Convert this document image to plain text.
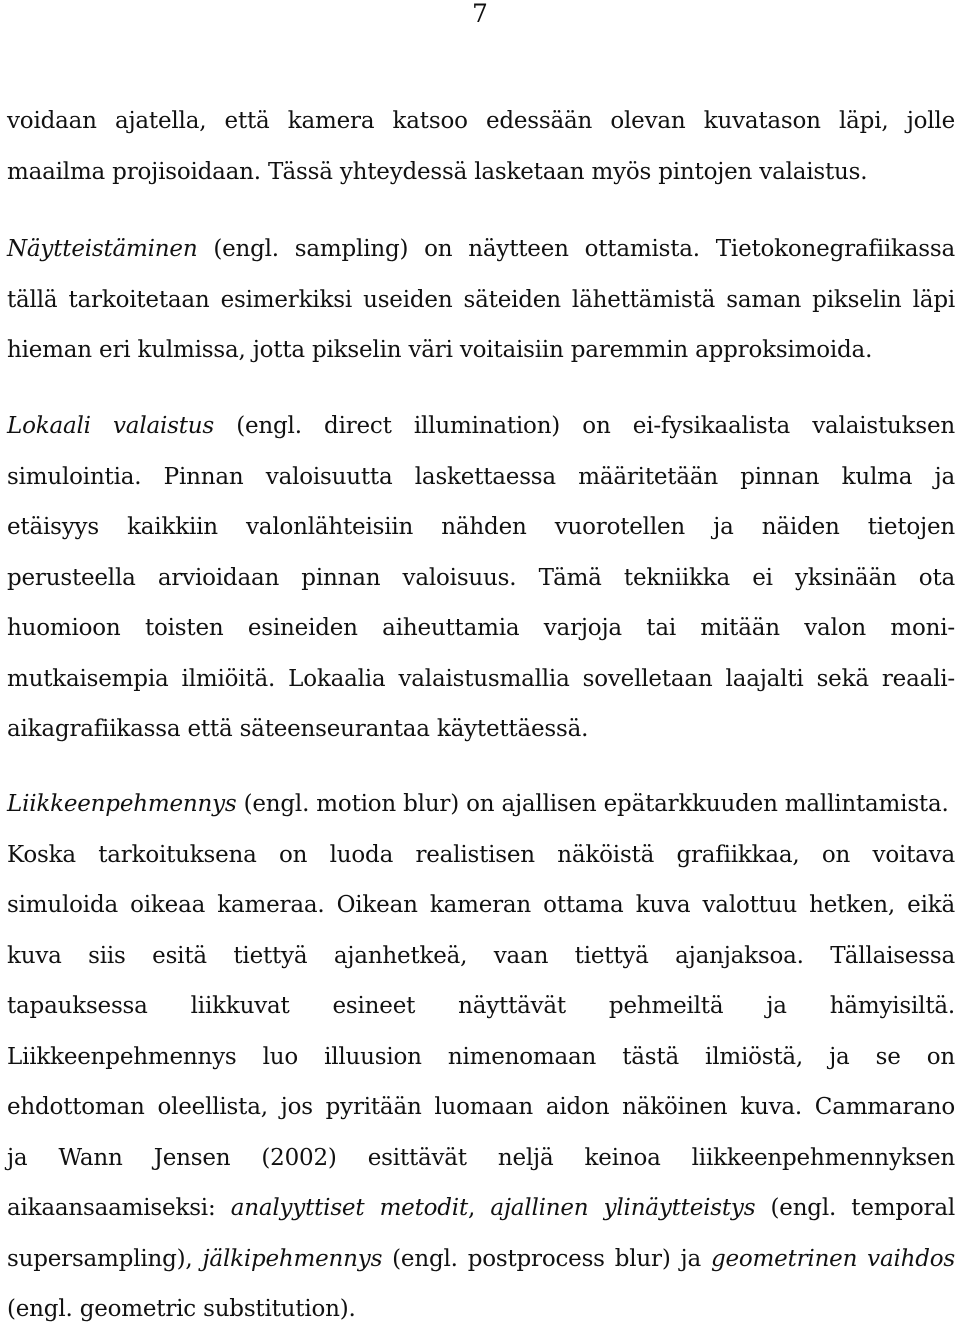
7
voidaan ajatella, että kamera katsoo edessään olevan kuvatason läpi, jolle
maailma projisoidaan. Tässä yhteydessä lasketaan myös pintojen valaistus.
Näytteistäminen (engl. sampling) on näytteen ottamista. Tietokonegrafiikassa
tällä tarkoitetaan esimerkiksi useiden säteiden lähettämistä saman pikselin läpi
hieman eri kulmissa, jotta pikselin väri voitaisiin paremmin approksimoida.
Lokaali valaistus (engl. direct illumination) on ei-fysikaalista valaistuksen
simulointia. Pinnan valoisuutta laskettaessa määritetään pinnan kulma ja
etäisyys kaikkiin valonlähteisiin nähden vuorotellen ja näiden tietojen
perusteella arvioidaan pinnan valoisuus. Tämä tekniikka ei yksinään ota
huomioon toisten esineiden aiheuttamia varjoja tai mitään valon moni-
mutkaisempia ilmiöitä. Lokaalia valaistusmallia sovelletaan laajalti sekä reaali-
aikagrafiikassa että säteenseurantaa käytettäessä.
Liikkeenpehmennys (engl. motion blur) on ajallisen epätarkkuuden mallintamista.
Koska tarkoituksena on luoda realistisen näköistä grafiikkaa, on voitava
simuloida oikeaa kameraa. Oikean kameran ottama kuva valottuu hetken, eikä
kuva siis esitä tiettyä ajanhetkeä, vaan tiettyä ajanjaksoa. Tällaisessa
tapauksessa liikkuvat esineet näyttävät pehmeiltä ja hämyisiltä.
Liikkeenpehmennys luo illuusion nimenomaan tästä ilmiöstä, ja se on
ehdottoman oleellista, jos pyritään luomaan aidon näköinen kuva. Cammarano
ja Wann Jensen (2002) esittävät neljä keinoa liikkeenpehmennyksen
aikaansaamiseksi: analyyttiset metodit, ajallinen ylinäytteistys (engl. temporal
supersampling), jälkipehmennys (engl. postprocess blur) ja geometrinen vaihdos
(engl. geometric substitution).
